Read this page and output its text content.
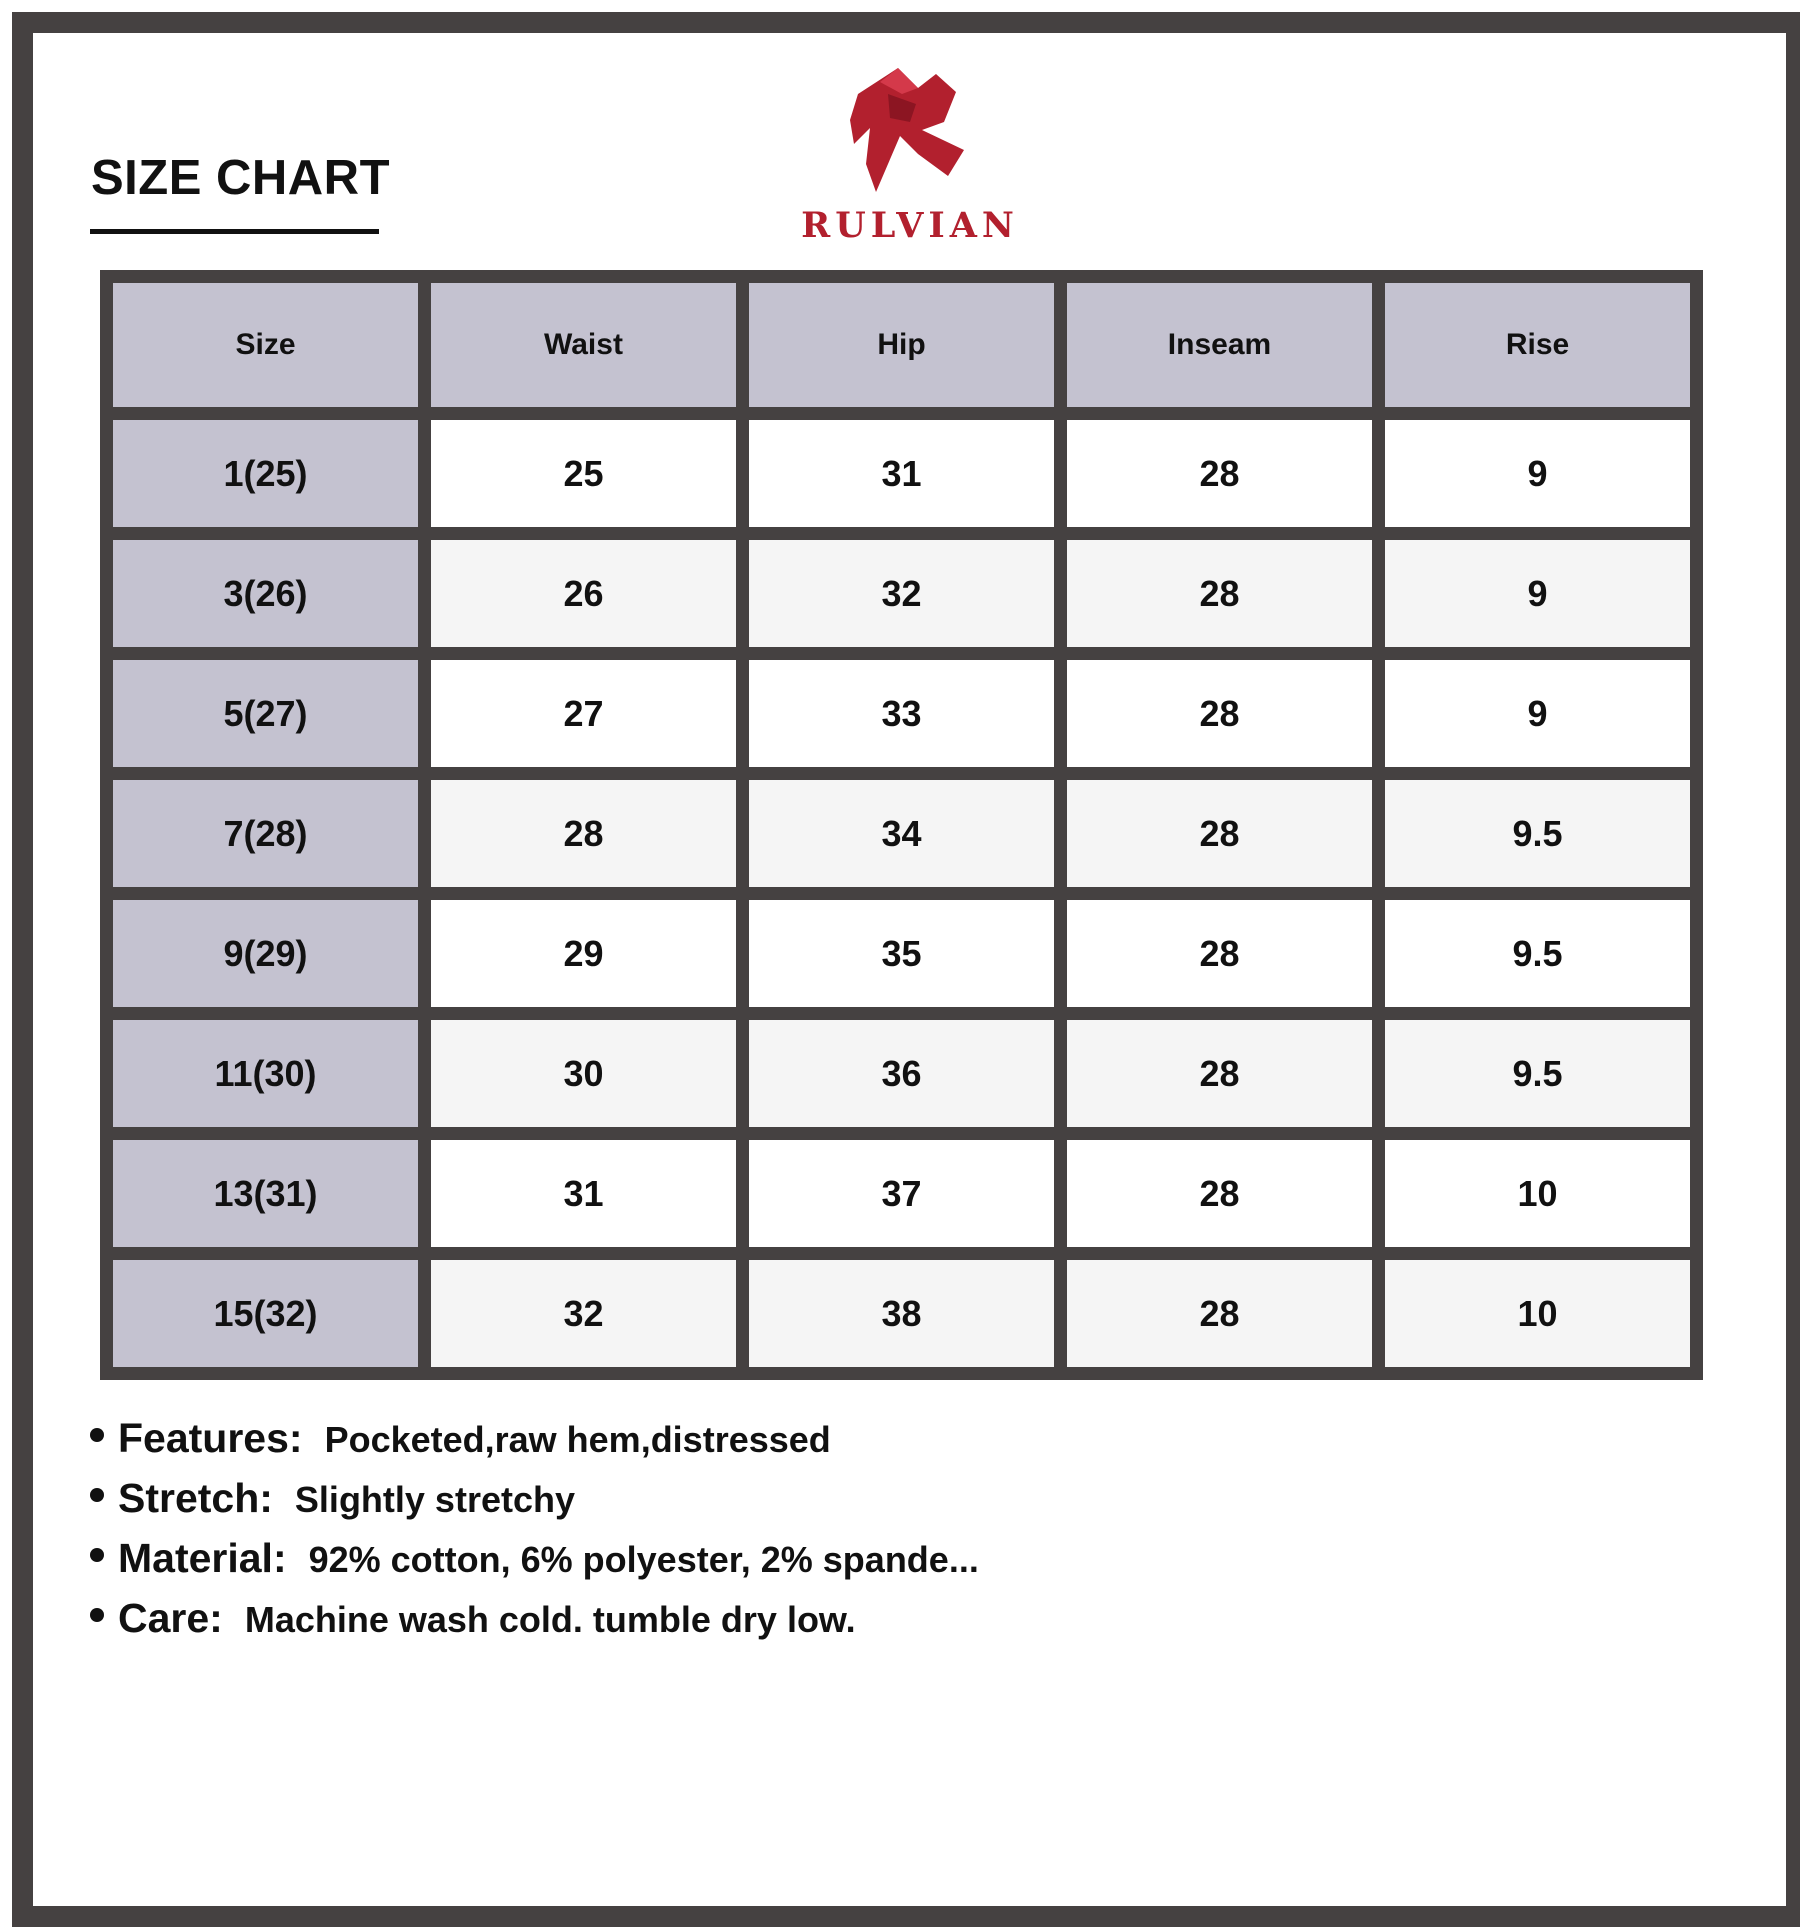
SIZE CHART
RULVIAN
Size	Waist	Hip	Inseam	Rise
1(25)	25	31	28	9
3(26)	26	32	28	9
5(27)	27	33	28	9
7(28)	28	34	28	9.5
9(29)	29	35	28	9.5
11(30)	30	36	28	9.5
13(31)	31	37	28	10
15(32)	32	38	28	10
Features: Pocketed,raw hem,distressed
Stretch: Slightly stretchy
Material: 92% cotton, 6% polyester, 2% spande...
Care: Machine wash cold. tumble dry low.
